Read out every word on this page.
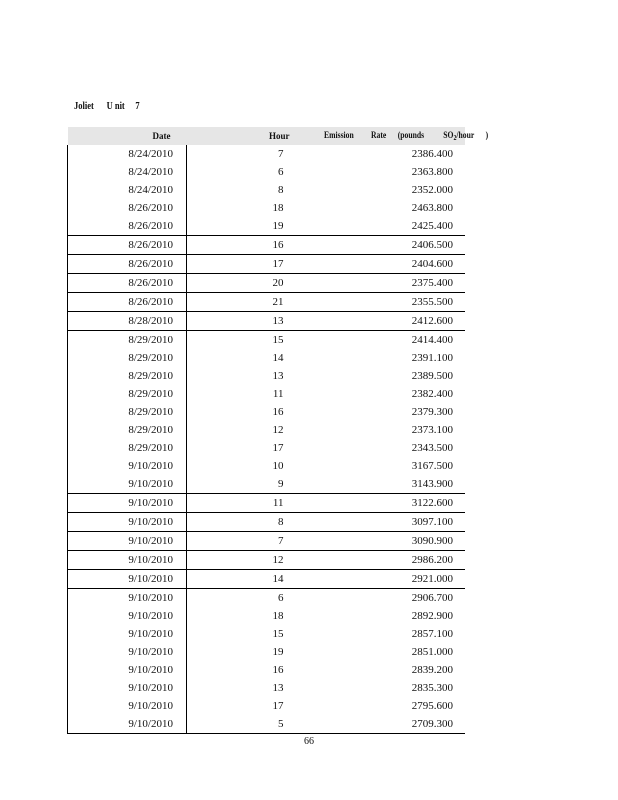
Joliet      U nit     7
Date	Hour	Emission         Rate      (pounds          $SO_2$/hour      )
8/24/2010	7	2386.400
8/24/2010	6	2363.800
8/24/2010	8	2352.000
8/26/2010	18	2463.800
8/26/2010	19	2425.400
8/26/2010	16	2406.500
8/26/2010	17	2404.600
8/26/2010	20	2375.400
8/26/2010	21	2355.500
8/28/2010	13	2412.600
8/29/2010	15	2414.400
8/29/2010	14	2391.100
8/29/2010	13	2389.500
8/29/2010	11	2382.400
8/29/2010	16	2379.300
8/29/2010	12	2373.100
8/29/2010	17	2343.500
9/10/2010	10	3167.500
9/10/2010	9	3143.900
9/10/2010	11	3122.600
9/10/2010	8	3097.100
9/10/2010	7	3090.900
9/10/2010	12	2986.200
9/10/2010	14	2921.000
9/10/2010	6	2906.700
9/10/2010	18	2892.900
9/10/2010	15	2857.100
9/10/2010	19	2851.000
9/10/2010	16	2839.200
9/10/2010	13	2835.300
9/10/2010	17	2795.600
9/10/2010	5	2709.300
66
